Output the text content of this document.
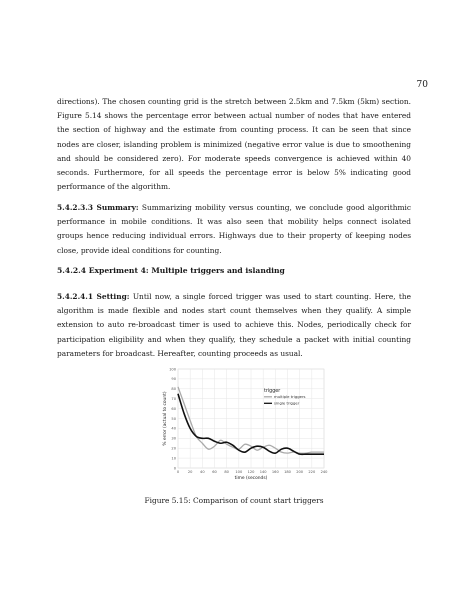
70

directions). The chosen counting grid is the stretch between 2.5km and 7.5km (5km) section. Figure 5.14 shows the percentage error between actual number of nodes that have entered the section of highway and the estimate from counting process. It can be seen that since nodes are closer, islanding problem is minimized (negative error value is due to smoothening and should be considered zero). For moderate speeds convergence is achieved within 40 seconds. Furthermore, for all speeds the percentage error is below 5% indicating good performance of the algorithm.

5.4.2.3.3 Summary: Summarizing mobility versus counting, we conclude good algorithmic performance in mobile conditions. It was also seen that mobility helps connect isolated groups hence reducing individual errors. Highways due to their property of keeping nodes close, provide ideal conditions for counting.

5.4.2.4 Experiment 4: Multiple triggers and islanding

5.4.2.4.1 Setting: Until now, a single forced trigger was used to start counting. Here, the algorithm is made flexible and nodes start count themselves when they qualify. A simple extension to auto re-broadcast timer is used to achieve this. Nodes, periodically check for participation eligibility and when they qualify, they schedule a packet with initial counting parameters for broadcast. Hereafter, counting proceeds as usual.

0
10
20
30
40
50
60
70
80
90
100
0 20 40 60 80 100 120 140 160 180 200 220 240
time (seconds)
% error (actual to count)	trigger
multiple triggers
single trigger

Figure 5.15: Comparison of count start triggers
